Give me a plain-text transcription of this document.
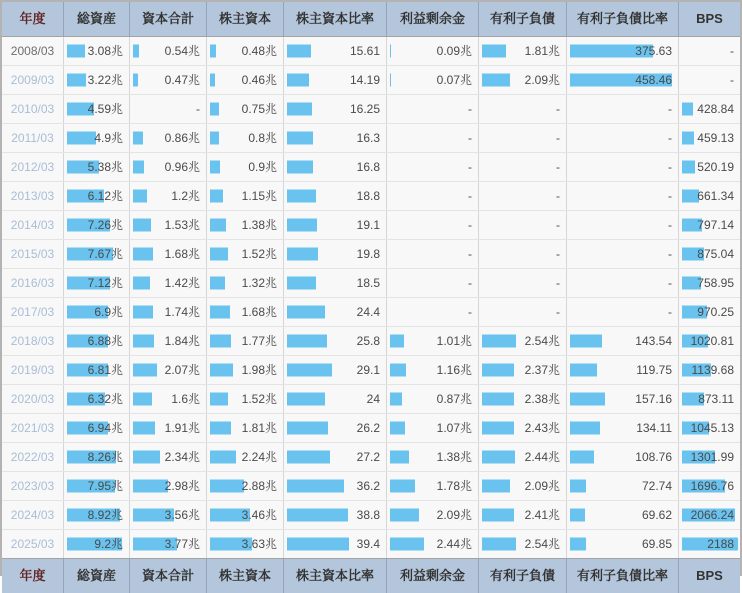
年度	総資産	資本合計	株主資本	株主資本比率	利益剰余金	有利子負債	有利子負債比率	BPS
2008/03	3.08兆	0.54兆	0.48兆	15.61	0.09兆	1.81兆	375.63	-
2009/03	3.22兆	0.47兆	0.46兆	14.19	0.07兆	2.09兆	458.46	-
2010/03	4.59兆	-	0.75兆	16.25	-	-	-	428.84
2011/03	4.9兆	0.86兆	0.8兆	16.3	-	-	-	459.13
2012/03	5.38兆	0.96兆	0.9兆	16.8	-	-	-	520.19
2013/03	6.12兆	1.2兆	1.15兆	18.8	-	-	-	661.34
2014/03	7.26兆	1.53兆	1.38兆	19.1	-	-	-	797.14
2015/03	7.67兆	1.68兆	1.52兆	19.8	-	-	-	875.04
2016/03	7.12兆	1.42兆	1.32兆	18.5	-	-	-	758.95
2017/03	6.9兆	1.74兆	1.68兆	24.4	-	-	-	970.25
2018/03	6.88兆	1.84兆	1.77兆	25.8	1.01兆	2.54兆	143.54	1020.81
2019/03	6.81兆	2.07兆	1.98兆	29.1	1.16兆	2.37兆	119.75	1139.68
2020/03	6.32兆	1.6兆	1.52兆	24	0.87兆	2.38兆	157.16	873.11
2021/03	6.94兆	1.91兆	1.81兆	26.2	1.07兆	2.43兆	134.11	1045.13
2022/03	8.26兆	2.34兆	2.24兆	27.2	1.38兆	2.44兆	108.76	1301.99
2023/03	7.95兆	2.98兆	2.88兆	36.2	1.78兆	2.09兆	72.74	1696.76
2024/03	8.92兆	3.56兆	3.46兆	38.8	2.09兆	2.41兆	69.62	2066.24
2025/03	9.2兆	3.77兆	3.63兆	39.4	2.44兆	2.54兆	69.85	2188
年度	総資産	資本合計	株主資本	株主資本比率	利益剰余金	有利子負債	有利子負債比率	BPS
